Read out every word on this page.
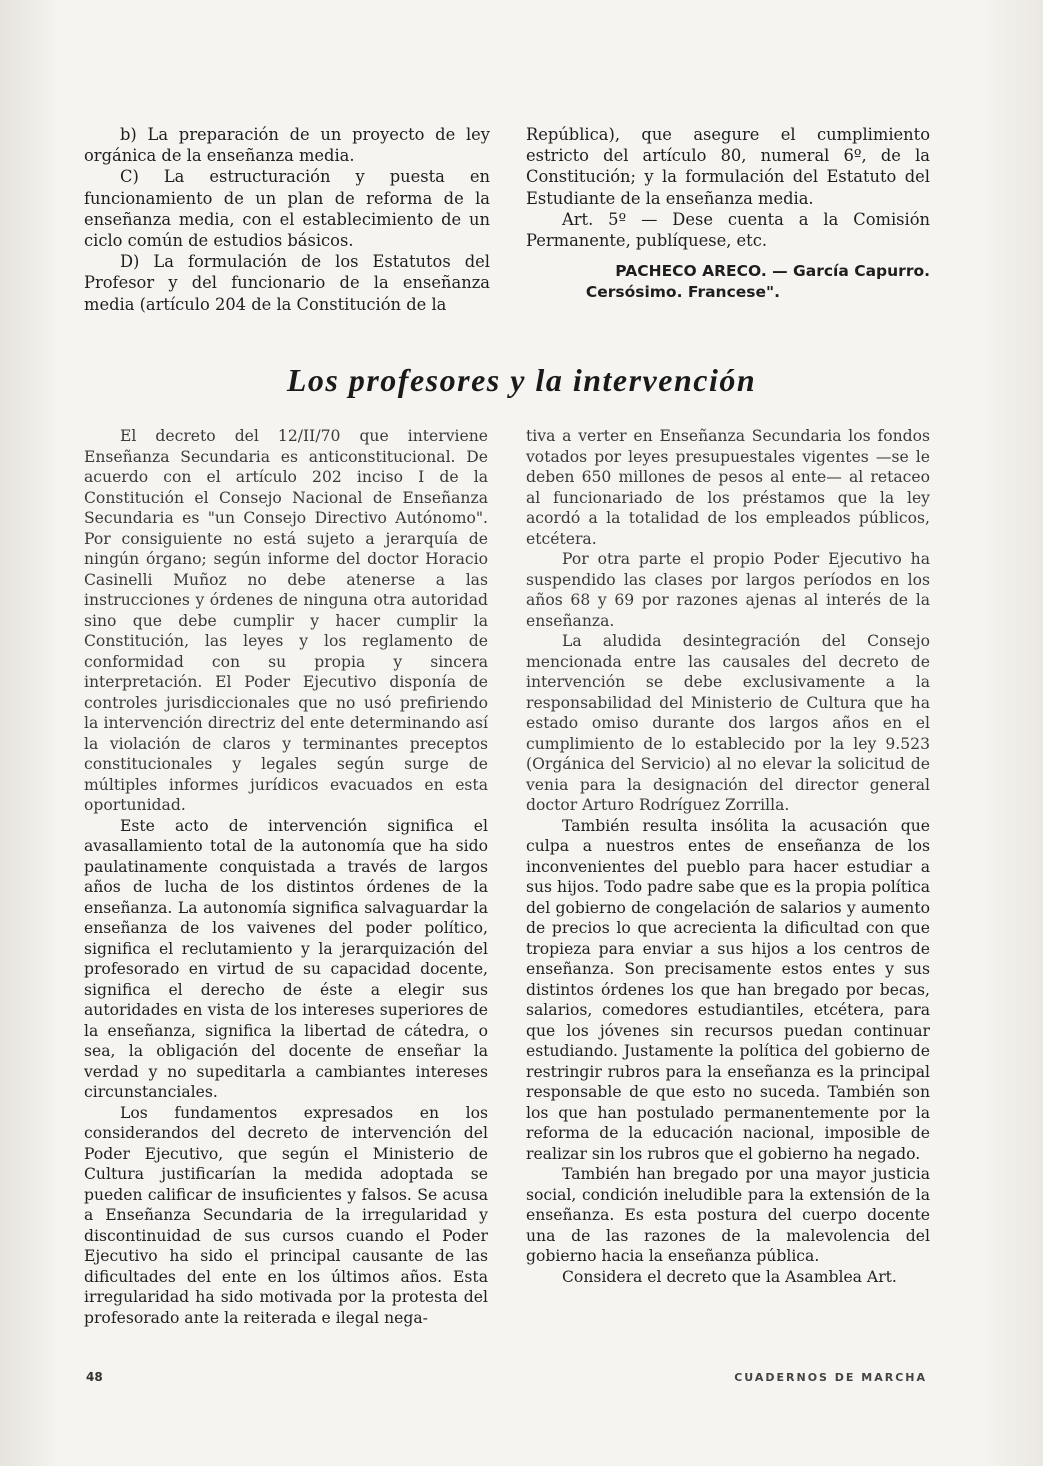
b) La preparación de un proyecto de ley orgánica de la enseñanza media.

C) La estructuración y puesta en funcionamiento de un plan de reforma de la enseñanza media, con el establecimiento de un ciclo común de estudios básicos.

D) La formulación de los Estatutos del Profesor y del funcionario de la enseñanza media (artículo 204 de la Constitución de la

República), que asegure el cumplimiento estricto del artículo 80, numeral 6º, de la Constitución; y la formulación del Estatuto del Estudiante de la enseñanza media.

Art. 5º — Dese cuenta a la Comisión Permanente, publíquese, etc.

PACHECO ARECO. — García Capurro.
Cersósimo. Francese".
Los profesores y la intervención

El decreto del 12/II/70 que interviene Enseñanza Secundaria es anticonstitucional. De acuerdo con el artículo 202 inciso I de la Constitución el Consejo Nacional de Enseñanza Secundaria es "un Consejo Directivo Autónomo". Por consiguiente no está sujeto a jerarquía de ningún órgano; según informe del doctor Horacio Casinelli Muñoz no debe atenerse a las instrucciones y órdenes de ninguna otra autoridad sino que debe cumplir y hacer cumplir la Constitución, las leyes y los reglamento de conformidad con su propia y sincera interpretación. El Poder Ejecutivo disponía de controles jurisdiccionales que no usó prefiriendo la intervención directriz del ente determinando así la violación de claros y terminantes preceptos constitucionales y legales según surge de múltiples informes jurídicos evacuados en esta oportunidad.

Este acto de intervención significa el avasallamiento total de la autonomía que ha sido paulatinamente conquistada a través de largos años de lucha de los distintos órdenes de la enseñanza. La autonomía significa salvaguardar la enseñanza de los vaivenes del poder político, significa el reclutamiento y la jerarquización del profesorado en virtud de su capacidad docente, significa el derecho de éste a elegir sus autoridades en vista de los intereses superiores de la enseñanza, significa la libertad de cátedra, o sea, la obligación del docente de enseñar la verdad y no supeditarla a cambiantes intereses circunstanciales.

Los fundamentos expresados en los considerandos del decreto de intervención del Poder Ejecutivo, que según el Ministerio de Cultura justificarían la medida adoptada se pueden calificar de insuficientes y falsos. Se acusa a Enseñanza Secundaria de la irregularidad y discontinuidad de sus cursos cuando el Poder Ejecutivo ha sido el principal causante de las dificultades del ente en los últimos años. Esta irregularidad ha sido motivada por la protesta del profesorado ante la reiterada e ilegal nega-

tiva a verter en Enseñanza Secundaria los fondos votados por leyes presupuestales vigentes —se le deben 650 millones de pesos al ente— al retaceo al funcionariado de los préstamos que la ley acordó a la totalidad de los empleados públicos, etcétera.

Por otra parte el propio Poder Ejecutivo ha suspendido las clases por largos períodos en los años 68 y 69 por razones ajenas al interés de la enseñanza.

La aludida desintegración del Consejo mencionada entre las causales del decreto de intervención se debe exclusivamente a la responsabilidad del Ministerio de Cultura que ha estado omiso durante dos largos años en el cumplimiento de lo establecido por la ley 9.523 (Orgánica del Servicio) al no elevar la solicitud de venia para la designación del director general doctor Arturo Rodríguez Zorrilla.

También resulta insólita la acusación que culpa a nuestros entes de enseñanza de los inconvenientes del pueblo para hacer estudiar a sus hijos. Todo padre sabe que es la propia política del gobierno de congelación de salarios y aumento de precios lo que acrecienta la dificultad con que tropieza para enviar a sus hijos a los centros de enseñanza. Son precisamente estos entes y sus distintos órdenes los que han bregado por becas, salarios, comedores estudiantiles, etcétera, para que los jóvenes sin recursos puedan continuar estudiando. Justamente la política del gobierno de restringir rubros para la enseñanza es la principal responsable de que esto no suceda. También son los que han postulado permanentemente por la reforma de la educación nacional, imposible de realizar sin los rubros que el gobierno ha negado.

También han bregado por una mayor justicia social, condición ineludible para la extensión de la enseñanza. Es esta postura del cuerpo docente una de las razones de la malevolencia del gobierno hacia la enseñanza pública.

Considera el decreto que la Asamblea Art.

48	CUADERNOS DE MARCHA
